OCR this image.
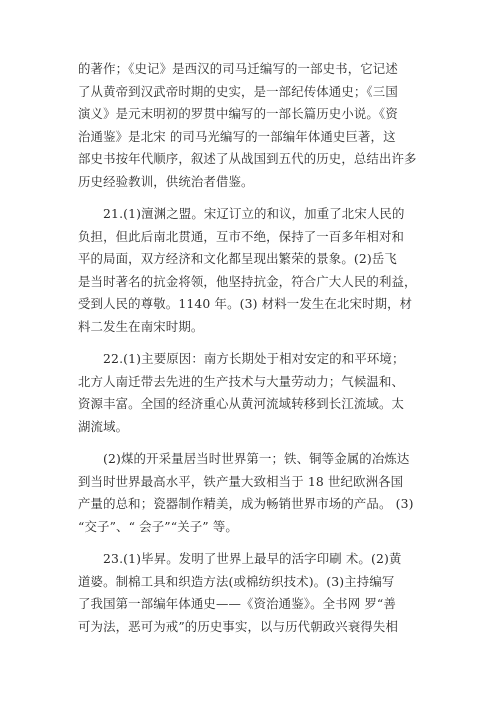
的著作；《史记》是西汉的司马迁编写的一部史书，它记述
了从黄帝到汉武帝时期的史实，是一部纪传体通史；《三国
演义》是元末明初的罗贯中编写的一部长篇历史小说。《资
治通鉴》是北宋 的司马光编写的一部编年体通史巨著，这
部史书按年代顺序，叙述了从战国到五代的历史，总结出许多
历史经验教训，供统治者借鉴。
21.(1)澶渊之盟。宋辽订立的和议，加重了北宋人民的
负担，但此后南北贯通，互市不绝，保持了一百多年相对和
平的局面，双方经济和文化都呈现出繁荣的景象。(2)岳飞
是当时著名的抗金将领，他坚持抗金，符合广大人民的利益，
受到人民的尊敬。1140 年。(3) 材料一发生在北宋时期，材
料二发生在南宋时期。
22.(1)主要原因：南方长期处于相对安定的和平环境；
北方人南迁带去先进的生产技术与大量劳动力；气候温和、
资源丰富。全国的经济重心从黄河流域转移到长江流域。太
湖流域。
(2)煤的开采量居当时世界第一；铁、铜等金属的冶炼达
到当时世界最高水平，铁产量大致相当于 18 世纪欧洲各国
产量的总和；瓷器制作精美，成为畅销世界市场的产品。 (3)
“交子”、“ 会子”“关子” 等。
23.(1)毕昇。发明了世界上最早的活字印刷 术。(2)黄
道婆。制棉工具和织造方法(或棉纺织技术)。(3)主持编写
了我国第一部编年体通史——《资治通鉴》。全书网 罗“善
可为法，恶可为戒”的历史事实，以与历代朝政兴衰得失相
